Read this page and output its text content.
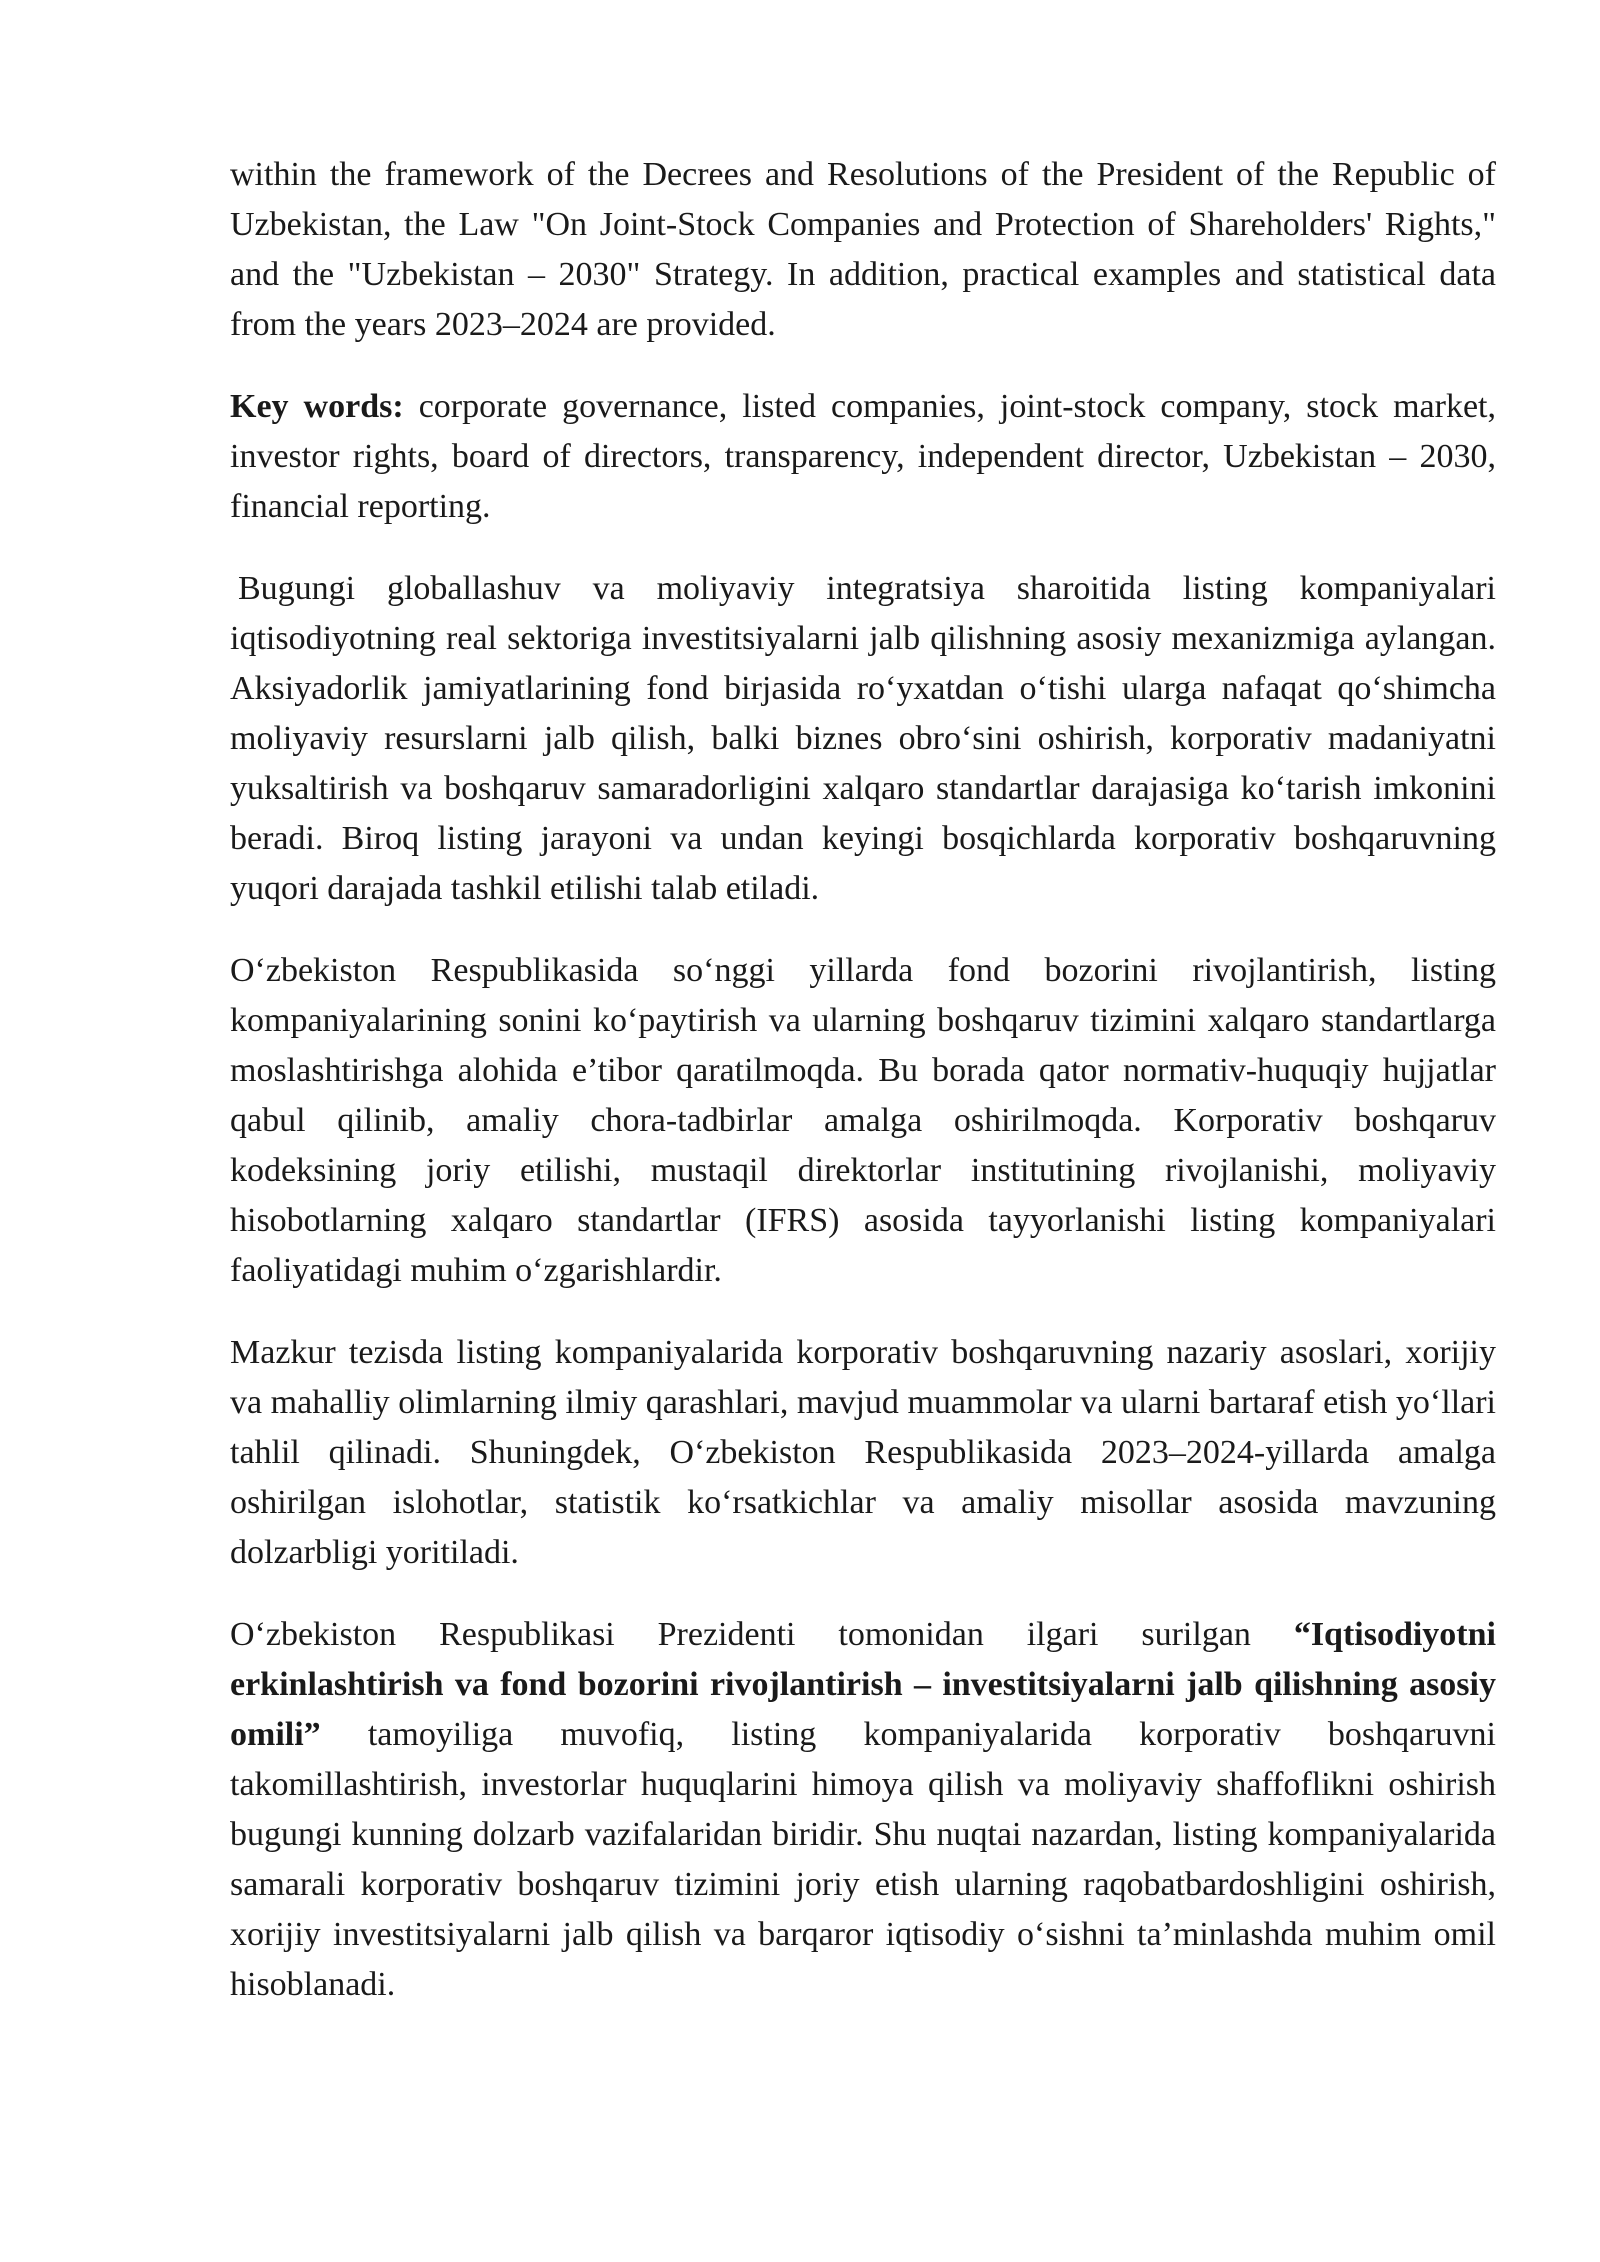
within the framework of the Decrees and Resolutions of the President of the Republic of Uzbekistan, the Law "On Joint-Stock Companies and Protection of Shareholders' Rights," and the "Uzbekistan – 2030" Strategy. In addition, practical examples and statistical data from the years 2023–2024 are provided.

Key words: corporate governance, listed companies, joint-stock company, stock market, investor rights, board of directors, transparency, independent director, Uzbekistan – 2030, financial reporting.

Bugungi globallashuv va moliyaviy integratsiya sharoitida listing kompaniyalari iqtisodiyotning real sektoriga investitsiyalarni jalb qilishning asosiy mexanizmiga aylangan. Aksiyadorlik jamiyatlarining fond birjasida ro‘yxatdan o‘tishi ularga nafaqat qo‘shimcha moliyaviy resurslarni jalb qilish, balki biznes obro‘sini oshirish, korporativ madaniyatni yuksaltirish va boshqaruv samaradorligini xalqaro standartlar darajasiga ko‘tarish imkonini beradi. Biroq listing jarayoni va undan keyingi bosqichlarda korporativ boshqaruvning yuqori darajada tashkil etilishi talab etiladi.

O‘zbekiston Respublikasida so‘nggi yillarda fond bozorini rivojlantirish, listing kompaniyalarining sonini ko‘paytirish va ularning boshqaruv tizimini xalqaro standartlarga moslashtirishga alohida e’tibor qaratilmoqda. Bu borada qator normativ-huquqiy hujjatlar qabul qilinib, amaliy chora-tadbirlar amalga oshirilmoqda. Korporativ boshqaruv kodeksining joriy etilishi, mustaqil direktorlar institutining rivojlanishi, moliyaviy hisobotlarning xalqaro standartlar (IFRS) asosida tayyorlanishi listing kompaniyalari faoliyatidagi muhim o‘zgarishlardir.

Mazkur tezisda listing kompaniyalarida korporativ boshqaruvning nazariy asoslari, xorijiy va mahalliy olimlarning ilmiy qarashlari, mavjud muammolar va ularni bartaraf etish yo‘llari tahlil qilinadi. Shuningdek, O‘zbekiston Respublikasida 2023–2024-yillarda amalga oshirilgan islohotlar, statistik ko‘rsatkichlar va amaliy misollar asosida mavzuning dolzarbligi yoritiladi.

O‘zbekiston Respublikasi Prezidenti tomonidan ilgari surilgan “Iqtisodiyotni erkinlashtirish va fond bozorini rivojlantirish – investitsiyalarni jalb qilishning asosiy omili” tamoyiliga muvofiq, listing kompaniyalarida korporativ boshqaruvni takomillashtirish, investorlar huquqlarini himoya qilish va moliyaviy shaffoflikni oshirish bugungi kunning dolzarb vazifalaridan biridir. Shu nuqtai nazardan, listing kompaniyalarida samarali korporativ boshqaruv tizimini joriy etish ularning raqobatbardoshligini oshirish, xorijiy investitsiyalarni jalb qilish va barqaror iqtisodiy o‘sishni ta’minlashda muhim omil hisoblanadi.
